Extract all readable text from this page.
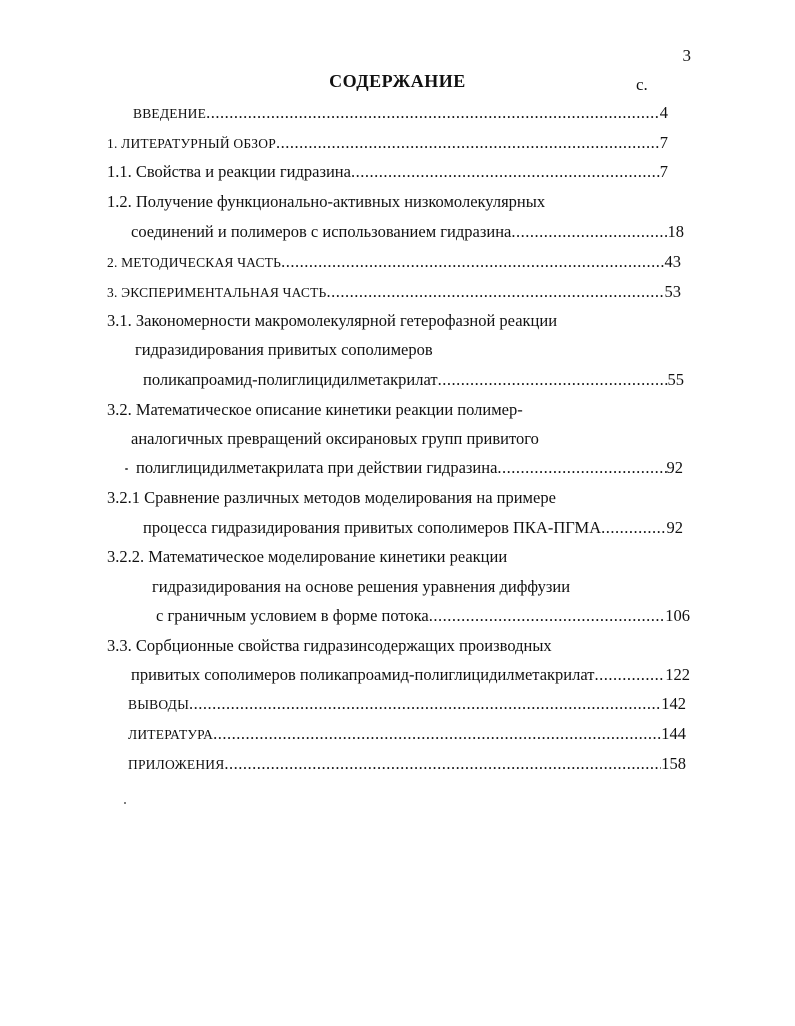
3
СОДЕРЖАНИЕ	с.
ВВЕДЕНИЕ .....	4
1. ЛИТЕРАТУРНЫЙ ОБЗОР .....	7
1.1. Свойства и реакции гидразина .....	7
1.2. Получение функционально-активных низкомолекулярных
соединений и полимеров с использованием гидразина .....	18
2. МЕТОДИЧЕСКАЯ ЧАСТЬ .....	43
3. ЭКСПЕРИМЕНТАЛЬНАЯ ЧАСТЬ .....	53
3.1. Закономерности макромолекулярной гетерофазной реакции
гидразидирования привитых сополимеров
поликапроамид-полиглицидилметакрилат .....	55
3.2. Математическое описание кинетики реакции полимер-
аналогичных превращений оксирановых групп привитого
полиглицидилметакрилата при действии гидразина .....	92
3.2.1 Сравнение различных методов моделирования на примере
процесса гидразидирования привитых сополимеров ПКА-ПГМА .....	92
3.2.2. Математическое моделирование кинетики реакции
гидразидирования на основе решения уравнения диффузии
с граничным условием в форме потока .....	106
3.3. Сорбционные свойства гидразинсодержащих производных
привитых сополимеров поликапроамид-полиглицидилметакрилат .....	122
ВЫВОДЫ .....	142
ЛИТЕРАТУРА .....	144
ПРИЛОЖЕНИЯ .....	158
